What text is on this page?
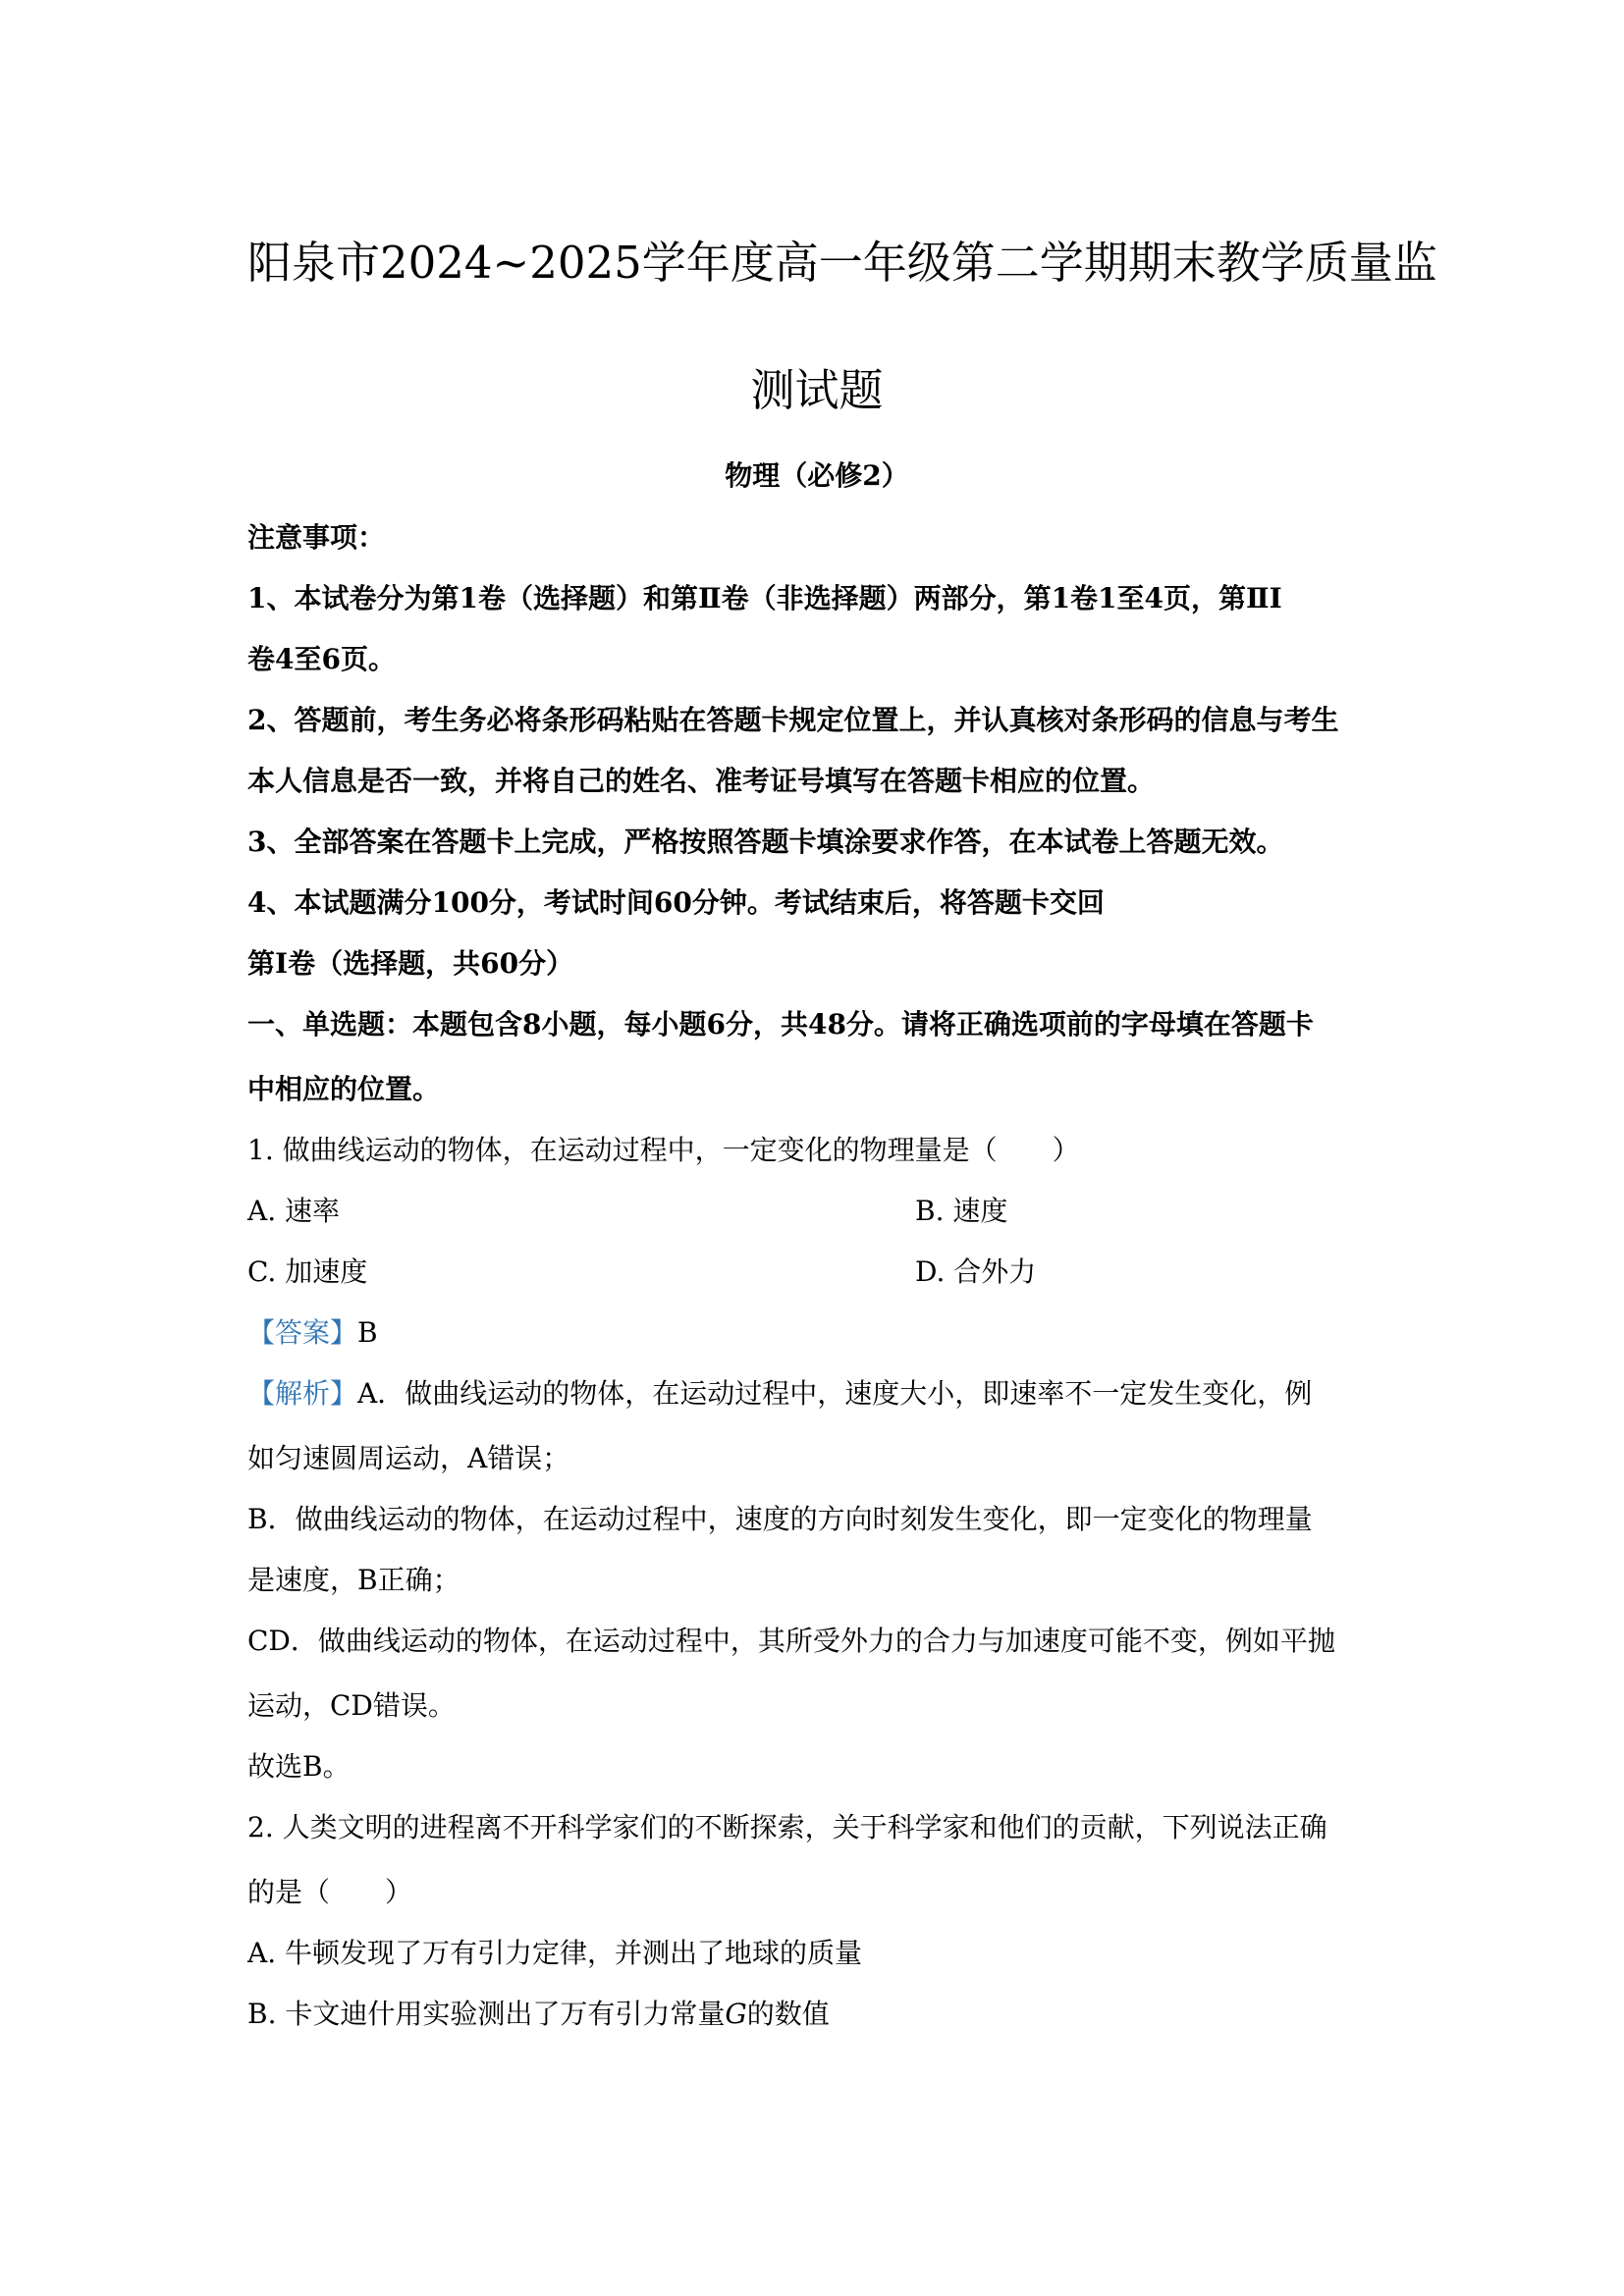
阳泉市2024~2025学年度高一年级第二学期期末教学质量监
测试题
物理（必修2）
注意事项：
1、本试卷分为第1卷（选择题）和第Ⅱ卷（非选择题）两部分，第1卷1至4页，第ⅡI
卷4至6页。
2、答题前，考生务必将条形码粘贴在答题卡规定位置上，并认真核对条形码的信息与考生
本人信息是否一致，并将自己的姓名、准考证号填写在答题卡相应的位置。
3、全部答案在答题卡上完成，严格按照答题卡填涂要求作答，在本试卷上答题无效。
4、本试题满分100分，考试时间60分钟。考试结束后，将答题卡交回
第Ⅰ卷（选择题，共60分）
一、单选题：本题包含8小题，每小题6分，共48分。请将正确选项前的字母填在答题卡
中相应的位置。
1. 做曲线运动的物体，在运动过程中，一定变化的物理量是（　　）
A. 速率	B. 速度
C. 加速度	D. 合外力
【答案】B
【解析】A．做曲线运动的物体，在运动过程中，速度大小，即速率不一定发生变化，例
如匀速圆周运动，A错误；
B．做曲线运动的物体，在运动过程中，速度的方向时刻发生变化，即一定变化的物理量
是速度，B正确；
CD．做曲线运动的物体，在运动过程中，其所受外力的合力与加速度可能不变，例如平抛
运动，CD错误。
故选B。
2. 人类文明的进程离不开科学家们的不断探索，关于科学家和他们的贡献，下列说法正确
的是（　　）
A. 牛顿发现了万有引力定律，并测出了地球的质量
B. 卡文迪什用实验测出了万有引力常量G的数值
